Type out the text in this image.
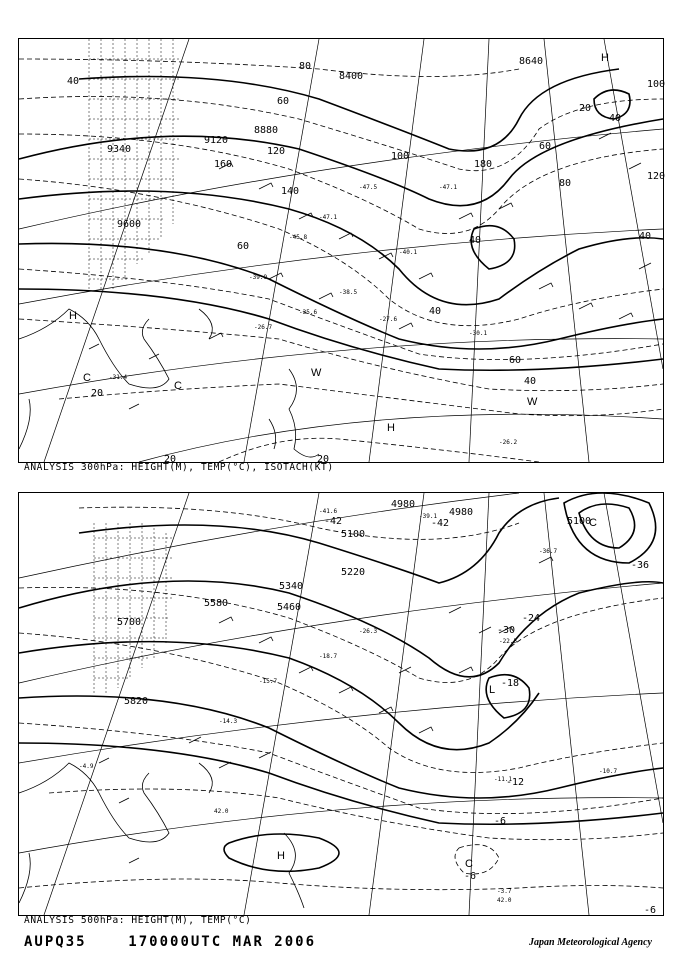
8400
8640
8880
9120
9340
9600
40
60
80
100
120
140
160	180
20
40
60
80
100
120
40
60
40
60
40
20
20	20
40
H
H
C
C
W
W
H
-47.5
-47.1
-47.1
-45.8
-40.1
-39.9
-38.5
-35.6
-31.4
-30.1
-27.6
-26.7
-26.2
ANALYSIS 300hPa: HEIGHT(M), TEMP(°C), ISOTACH(KT)
4980
5100
5220
5340
5460
5580
5700
5820
5100
4980
-42	-42
-36
-30
-24
-18
-12
-6
-6
-6
H
C
C
L
-41.6
-39.1
-36.7
-26.3
-22.5
-18.7
-15.7
-14.3
-11.1
-10.7
-4.9
-3.7
42.0
42.0
ANALYSIS 500hPa: HEIGHT(M), TEMP(°C)
AUPQ35	170000UTC MAR 2006	Japan Meteorological Agency
